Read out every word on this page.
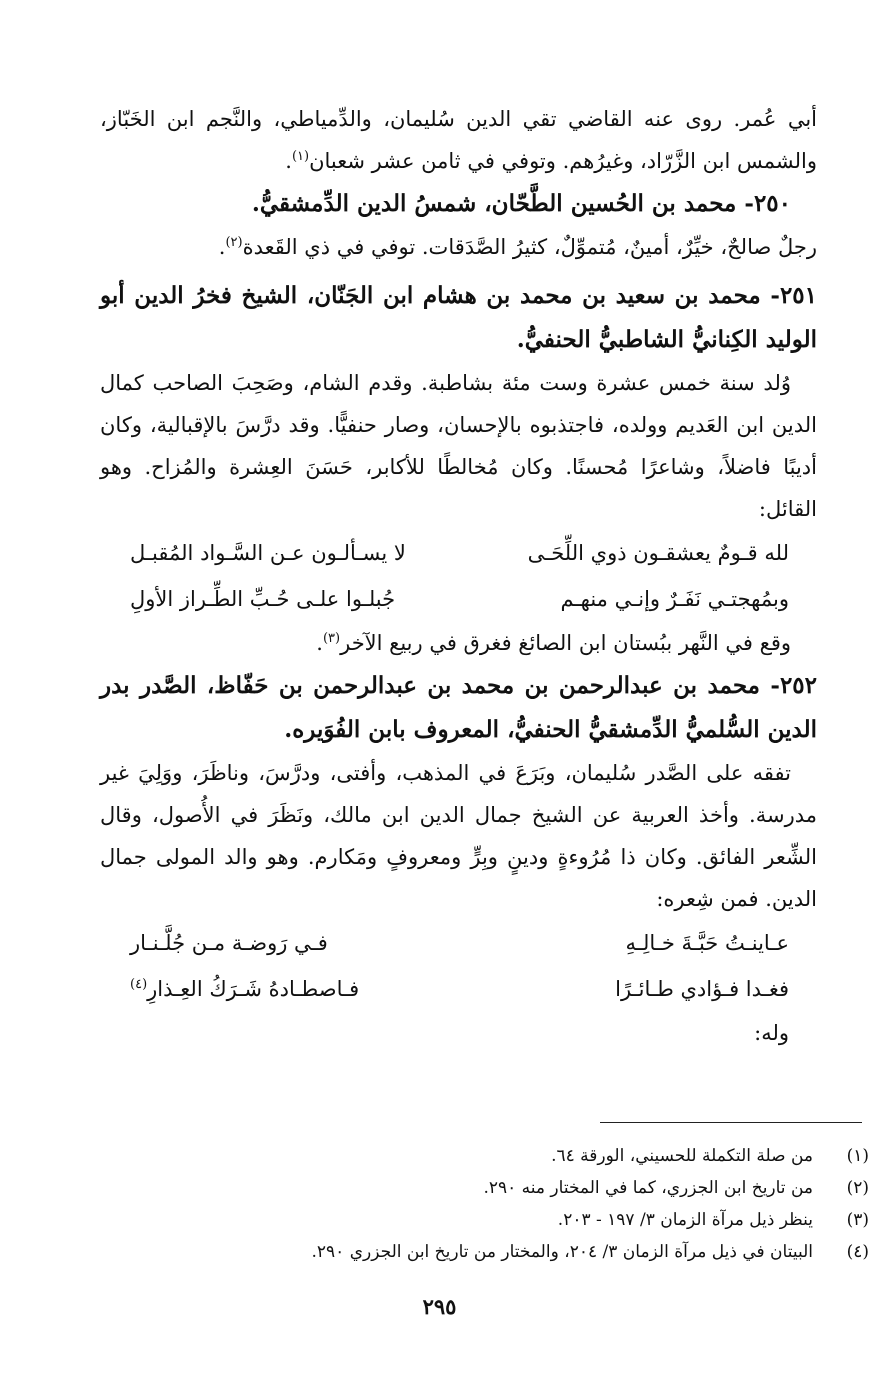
أبي عُمر. روى عنه القاضي تقي الدين سُليمان، والدِّمياطي، والنَّجم ابن الخَبّاز، والشمس ابن الزَّرّاد، وغيرُهم. وتوفي في ثامن عشر شعبان$^{(١)}$.

٢٥٠- محمد بن الحُسين الطَّحّان، شمسُ الدين الدِّمشقيُّ.

رجلٌ صالحٌ، خيِّرٌ، أمينٌ، مُتموِّلٌ، كثيرُ الصَّدَقات. توفي في ذي القَعدة$^{(٢)}$.

٢٥١- محمد بن سعيد بن محمد بن هشام ابن الجَنّان، الشيخ فخرُ الدين أبو الوليد الكِنانيُّ الشاطبيُّ الحنفيُّ.

وُلد سنة خمس عشرة وست مئة بشاطبة. وقدم الشام، وصَحِبَ الصاحب كمال الدين ابن العَديم وولده، فاجتذبوه بالإحسان، وصار حنفيًّا. وقد درَّسَ بالإقبالية، وكان أديبًا فاضلاً، وشاعرًا مُحسنًا. وكان مُخالطًا للأكابر، حَسَنَ العِشرة والمُزاح. وهو القائل:

لله قـومٌ يعشقـون ذوي اللِّحَـى
لا يسـألـون عـن السَّـواد المُقبـل
وبمُهجتـي نَفَـرٌ وإنـي منهـم
جُبلـوا علـى حُـبِّ الطِّـراز الأولِ

وقع في النَّهر ببُستان ابن الصائغ فغرق في ربيع الآخر$^{(٣)}$.

٢٥٢- محمد بن عبدالرحمن بن محمد بن عبدالرحمن بن حَفّاظ، الصَّدر بدر الدين السُّلميُّ الدِّمشقيُّ الحنفيُّ، المعروف بابن الفُوَيره.

تفقه على الصَّدر سُليمان، وبَرَعَ في المذهب، وأفتى، ودرَّسَ، وناظَرَ، ووَلِيَ غير مدرسة. وأخذ العربية عن الشيخ جمال الدين ابن مالك، ونَظَرَ في الأُصول، وقال الشِّعر الفائق. وكان ذا مُرُوءةٍ ودينٍ وبِرٍّ ومعروفٍ ومَكارم. وهو والد المولى جمال الدين. فمن شِعره:

عـاينـتُ حَبَّـةَ خـالِـهِ
فـي رَوضـة مـن جُلَّـنـار
فغـدا فـؤادي طـائـرًا
فـاصطـادهُ شَـرَكُ العِـذارِ$^{(٤)}$

وله:

(١)
من صلة التكملة للحسيني، الورقة ٦٤.
(٢)
من تاريخ ابن الجزري، كما في المختار منه ٢٩٠.
(٣)
ينظر ذيل مرآة الزمان ٣/ ١٩٧ - ٢٠٣.
(٤)
البيتان في ذيل مرآة الزمان ٣/ ٢٠٤، والمختار من تاريخ ابن الجزري ٢٩٠.
٢٩٥
